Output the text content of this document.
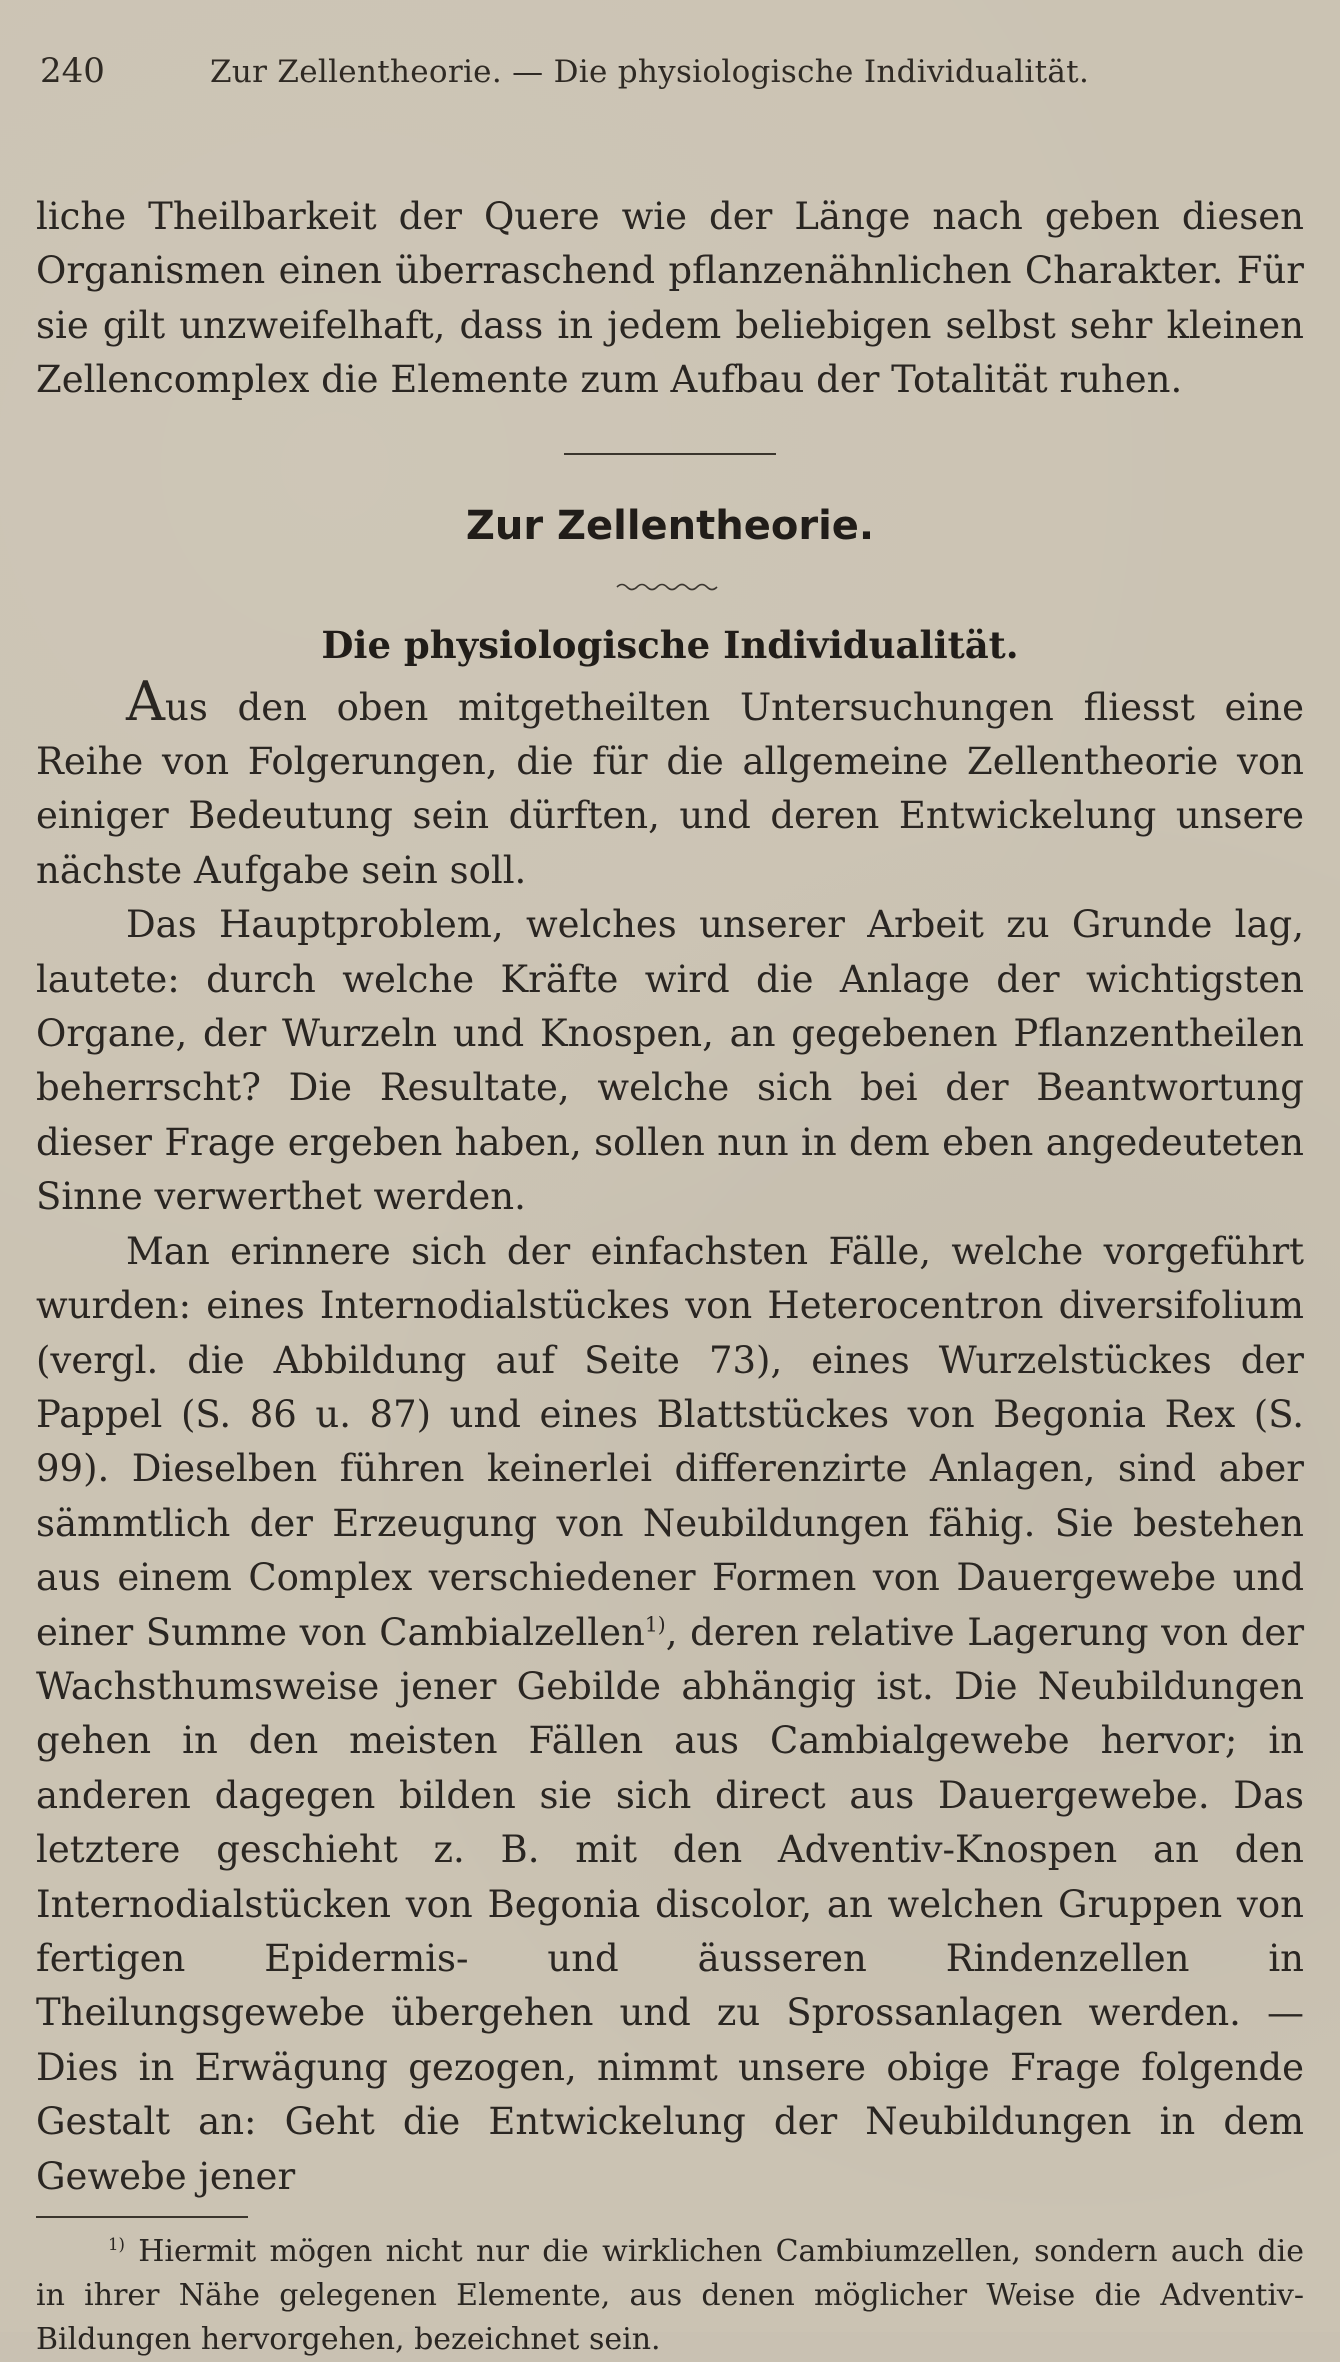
240	Zur Zellentheorie. — Die physiologische Individualität.

liche Theilbarkeit der Quere wie der Länge nach geben diesen Organismen einen überraschend pflanzenähnlichen Charakter. Für sie gilt unzweifelhaft, dass in jedem beliebigen selbst sehr kleinen Zellencomplex die Elemente zum Aufbau der Totalität ruhen.

Zur Zellentheorie.
Die physiologische Individualität.

Aus den oben mitgetheilten Untersuchungen fliesst eine Reihe von Folgerungen, die für die allgemeine Zellentheorie von einiger Bedeutung sein dürften, und deren Entwickelung unsere nächste Aufgabe sein soll.

Das Hauptproblem, welches unserer Arbeit zu Grunde lag, lautete: durch welche Kräfte wird die Anlage der wichtigsten Organe, der Wurzeln und Knospen, an gegebenen Pflanzentheilen beherrscht? Die Resultate, welche sich bei der Beantwortung dieser Frage ergeben haben, sollen nun in dem eben angedeuteten Sinne verwerthet werden.

Man erinnere sich der einfachsten Fälle, welche vorgeführt wurden: eines Internodialstückes von Heterocentron diversifolium (vergl. die Abbildung auf Seite 73), eines Wurzelstückes der Pappel (S. 86 u. 87) und eines Blattstückes von Begonia Rex (S. 99). Dieselben führen keinerlei differenzirte Anlagen, sind aber sämmtlich der Erzeugung von Neubildungen fähig. Sie bestehen aus einem Complex verschiedener Formen von Dauergewebe und einer Summe von Cambialzellen$^{1)}$, deren relative Lagerung von der Wachsthumsweise jener Gebilde abhängig ist. Die Neubildungen gehen in den meisten Fällen aus Cambialgewebe hervor; in anderen dagegen bilden sie sich direct aus Dauergewebe. Das letztere geschieht z. B. mit den Adventiv-Knospen an den Internodialstücken von Begonia discolor, an welchen Gruppen von fertigen Epidermis- und äusseren Rindenzellen in Theilungsgewebe übergehen und zu Sprossanlagen werden. — Dies in Erwägung gezogen, nimmt unsere obige Frage folgende Gestalt an: Geht die Entwickelung der Neubildungen in dem Gewebe jener

$^{1)}$ Hiermit mögen nicht nur die wirklichen Cambiumzellen, sondern auch die in ihrer Nähe gelegenen Elemente, aus denen möglicher Weise die Adventiv-Bildungen hervorgehen, bezeichnet sein.
